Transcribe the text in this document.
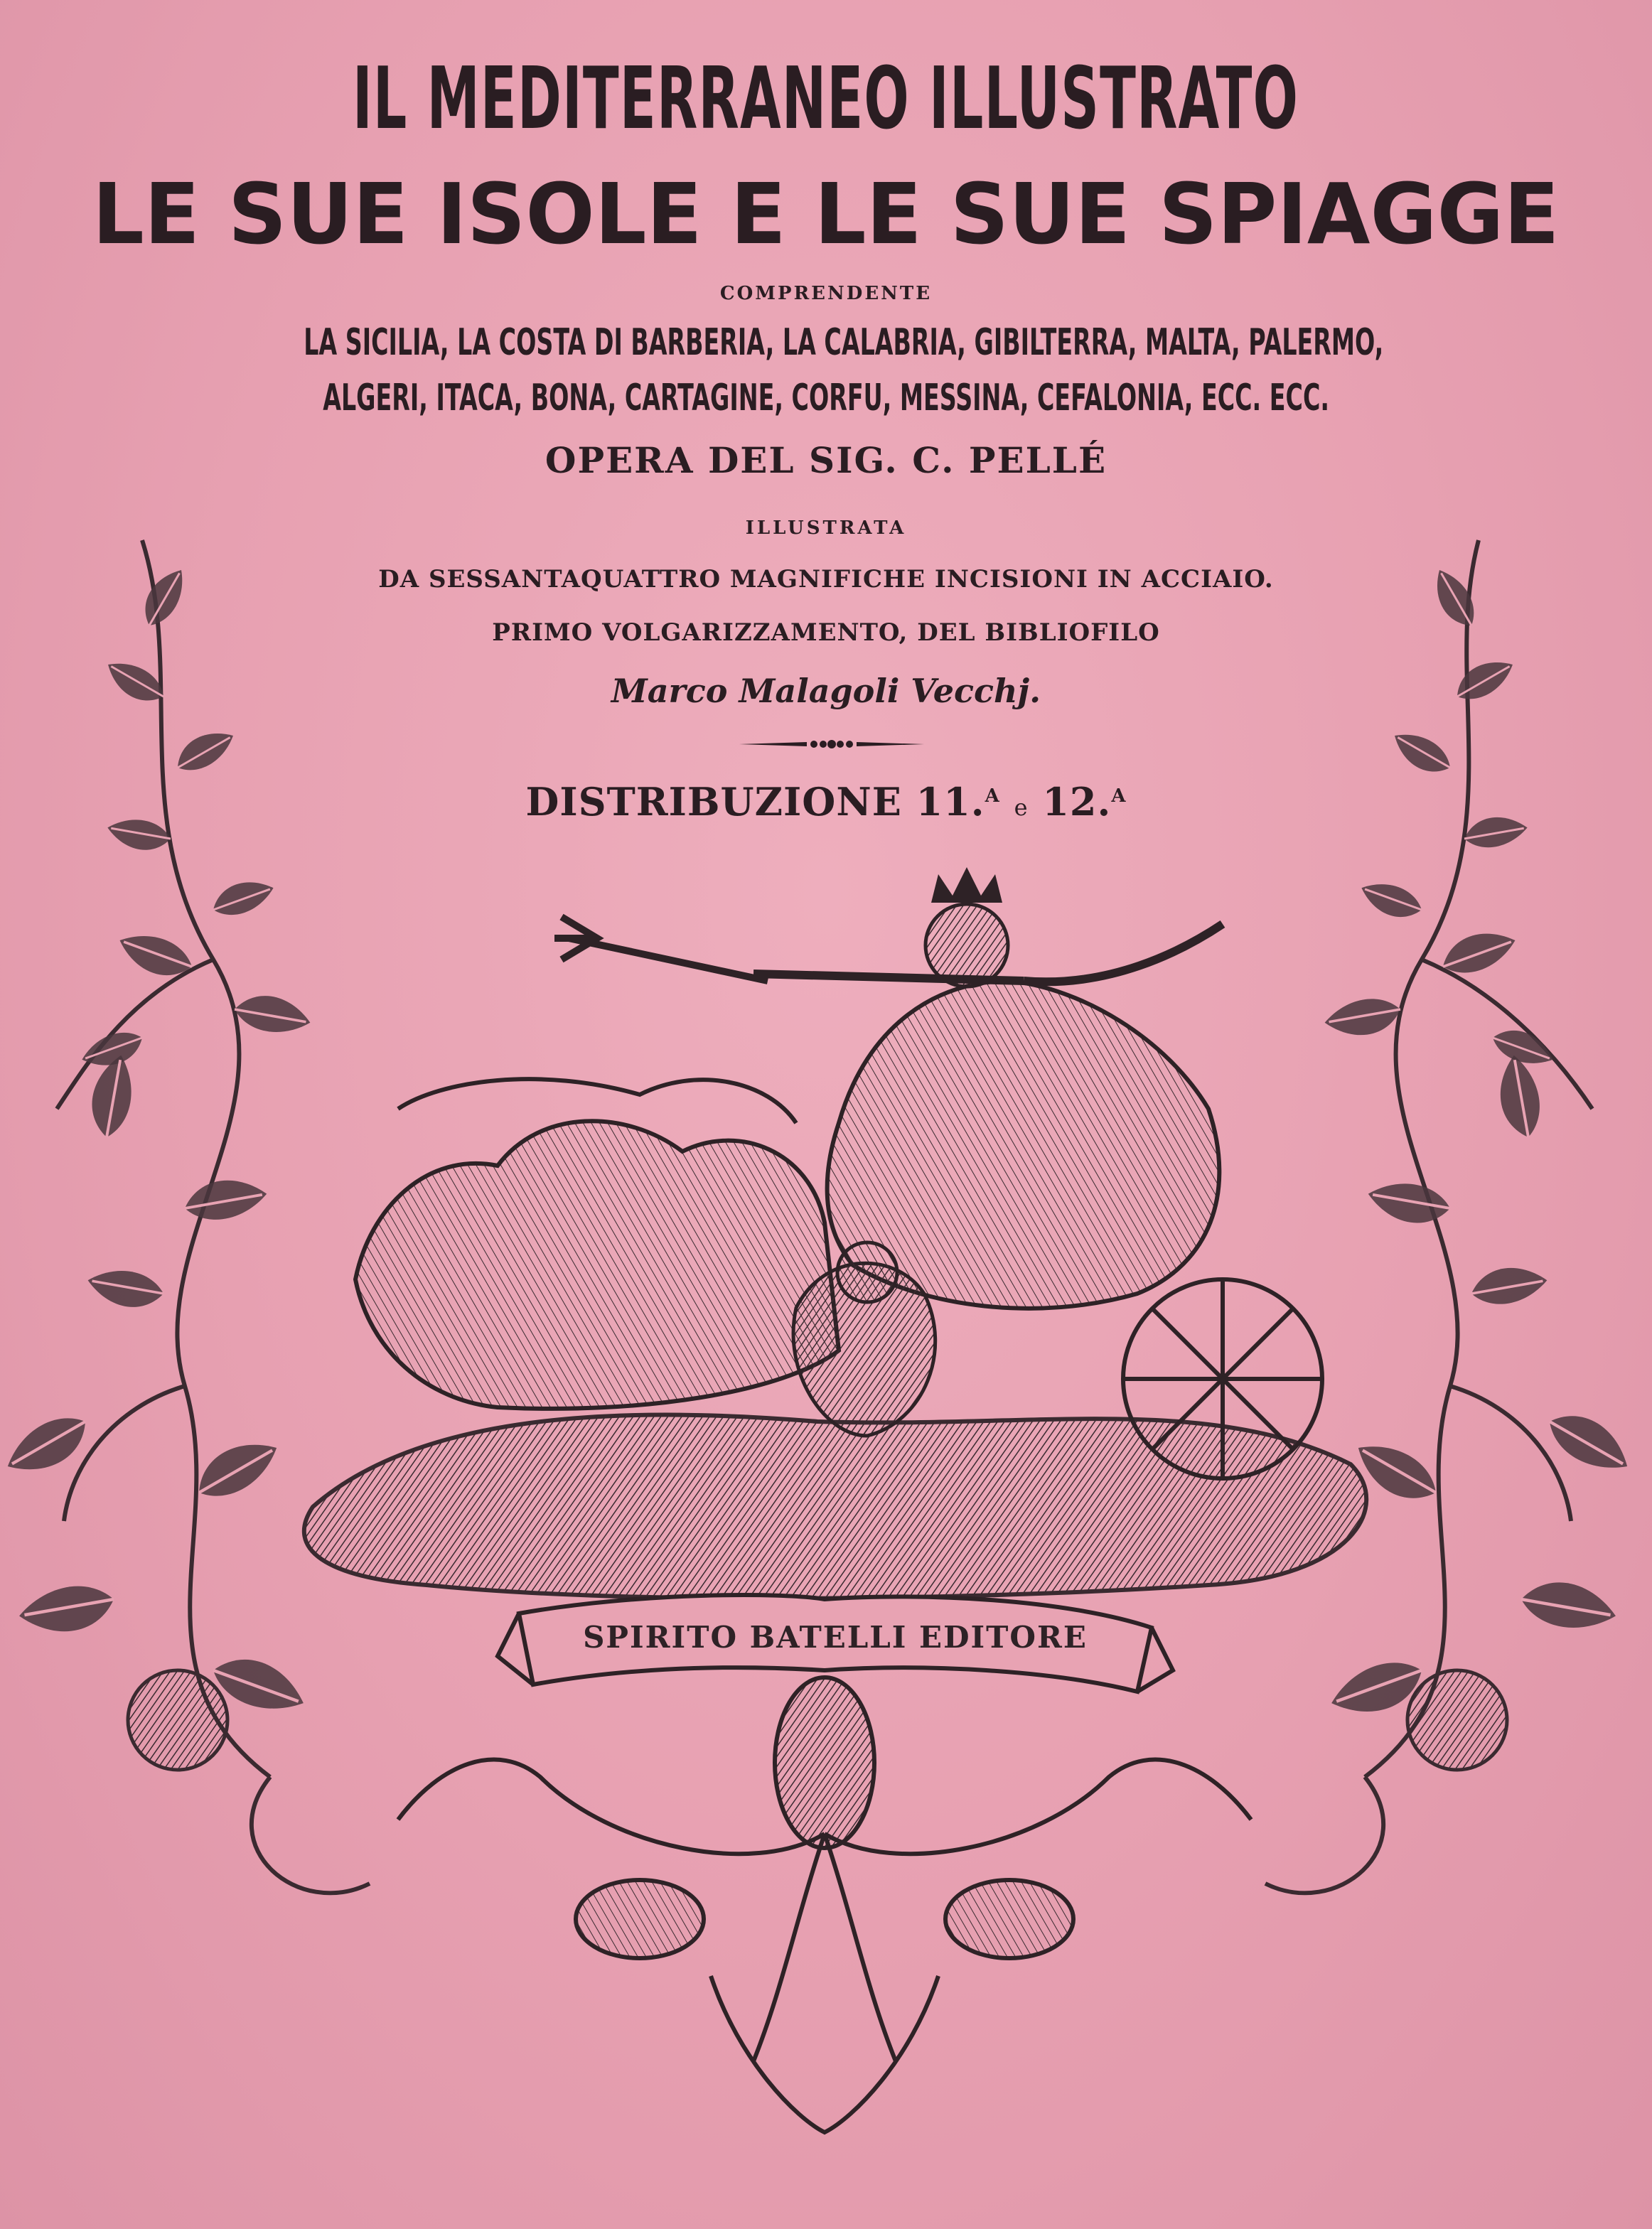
IL MEDITERRANEO ILLUSTRATO
LE SUE ISOLE E LE SUE SPIAGGE
COMPRENDENTE
LA SICILIA, LA COSTA DI BARBERIA, LA CALABRIA, GIBILTERRA, MALTA, PALERMO,
ALGERI, ITACA, BONA, CARTAGINE, CORFU, MESSINA, CEFALONIA, ECC. ECC.
OPERA DEL SIG. C. PELLÉ
ILLUSTRATA
DA SESSANTAQUATTRO MAGNIFICHE INCISIONI IN ACCIAIO.
PRIMO VOLGARIZZAMENTO, DEL BIBLIOFILO
Marco Malagoli Vecchj.
DISTRIBUZIONE 11.$^A$ e 12.$^A$
SPIRITO BATELLI EDITORE
